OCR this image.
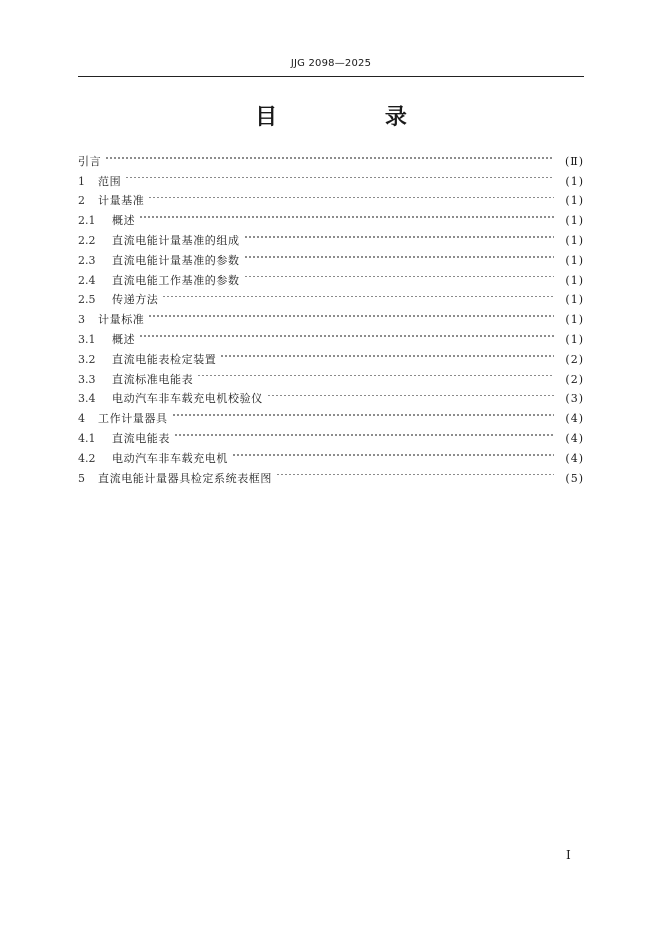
JJG 2098—2025
目 录
引言	(Ⅱ)
1	范围	(1)
2	计量基准	(1)
2.1	概述	(1)
2.2	直流电能计量基准的组成	(1)
2.3	直流电能计量基准的参数	(1)
2.4	直流电能工作基准的参数	(1)
2.5	传递方法	(1)
3	计量标准	(1)
3.1	概述	(1)
3.2	直流电能表检定装置	(2)
3.3	直流标准电能表	(2)
3.4	电动汽车非车载充电机校验仪	(3)
4	工作计量器具	(4)
4.1	直流电能表	(4)
4.2	电动汽车非车载充电机	(4)
5	直流电能计量器具检定系统表框图	(5)
I
